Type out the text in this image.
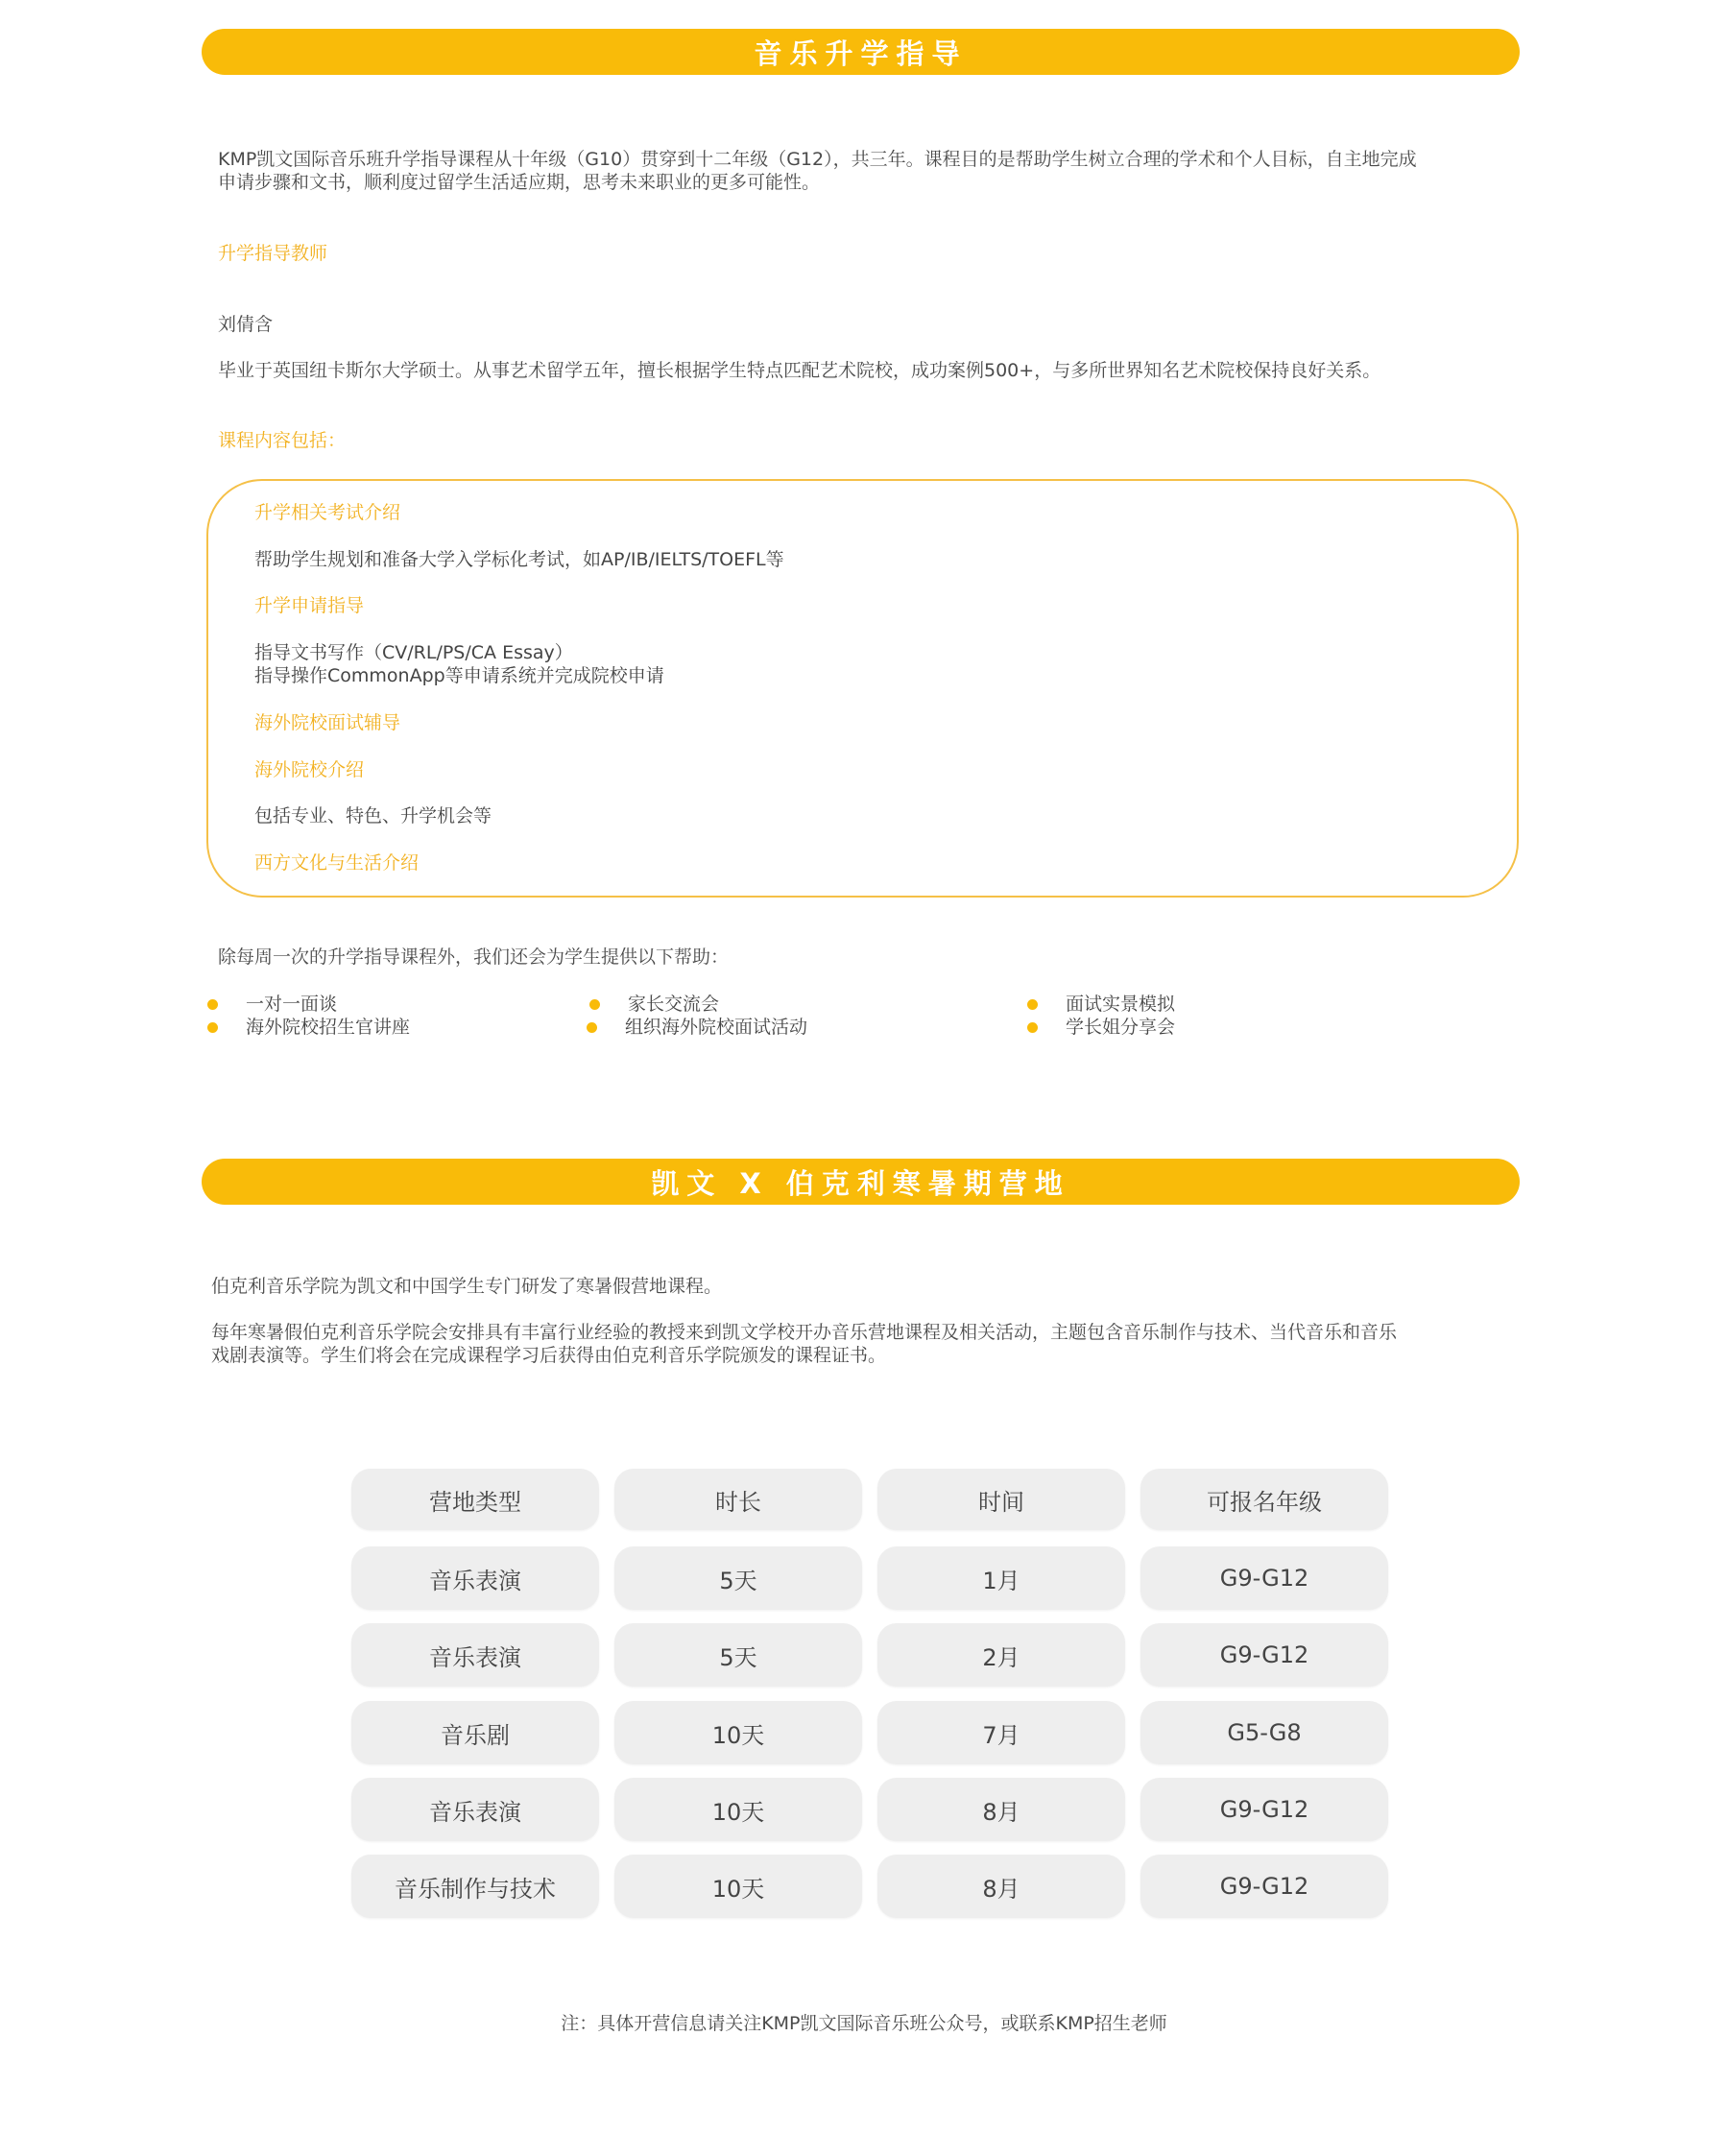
音乐升学指导
KMP凯文国际音乐班升学指导课程从十年级（G10）贯穿到十二年级（G12），共三年。课程目的是帮助学生树立合理的学术和个人目标，自主地完成
申请步骤和文书，顺利度过留学生活适应期，思考未来职业的更多可能性。
升学指导教师
刘倩含
毕业于英国纽卡斯尔大学硕士。从事艺术留学五年，擅长根据学生特点匹配艺术院校，成功案例500+，与多所世界知名艺术院校保持良好关系。
课程内容包括：
升学相关考试介绍
帮助学生规划和准备大学入学标化考试，如AP/IB/IELTS/TOEFL等
升学申请指导
指导文书写作（CV/RL/PS/CA Essay）
指导操作CommonApp等申请系统并完成院校申请
海外院校面试辅导
海外院校介绍
包括专业、特色、升学机会等
西方文化与生活介绍
除每周一次的升学指导课程外，我们还会为学生提供以下帮助：
一对一面谈
海外院校招生官讲座
家长交流会
组织海外院校面试活动
面试实景模拟
学长姐分享会
凯文 X 伯克利寒暑期营地
伯克利音乐学院为凯文和中国学生专门研发了寒暑假营地课程。
每年寒暑假伯克利音乐学院会安排具有丰富行业经验的教授来到凯文学校开办音乐营地课程及相关活动，主题包含音乐制作与技术、当代音乐和音乐
戏剧表演等。学生们将会在完成课程学习后获得由伯克利音乐学院颁发的课程证书。
营地类型	时长	时间	可报名年级
音乐表演	5天	1月	G9-G12
音乐表演	5天	2月	G9-G12
音乐剧	10天	7月	G5-G8
音乐表演	10天	8月	G9-G12
音乐制作与技术	10天	8月	G9-G12
注：具体开营信息请关注KMP凯文国际音乐班公众号，或联系KMP招生老师
